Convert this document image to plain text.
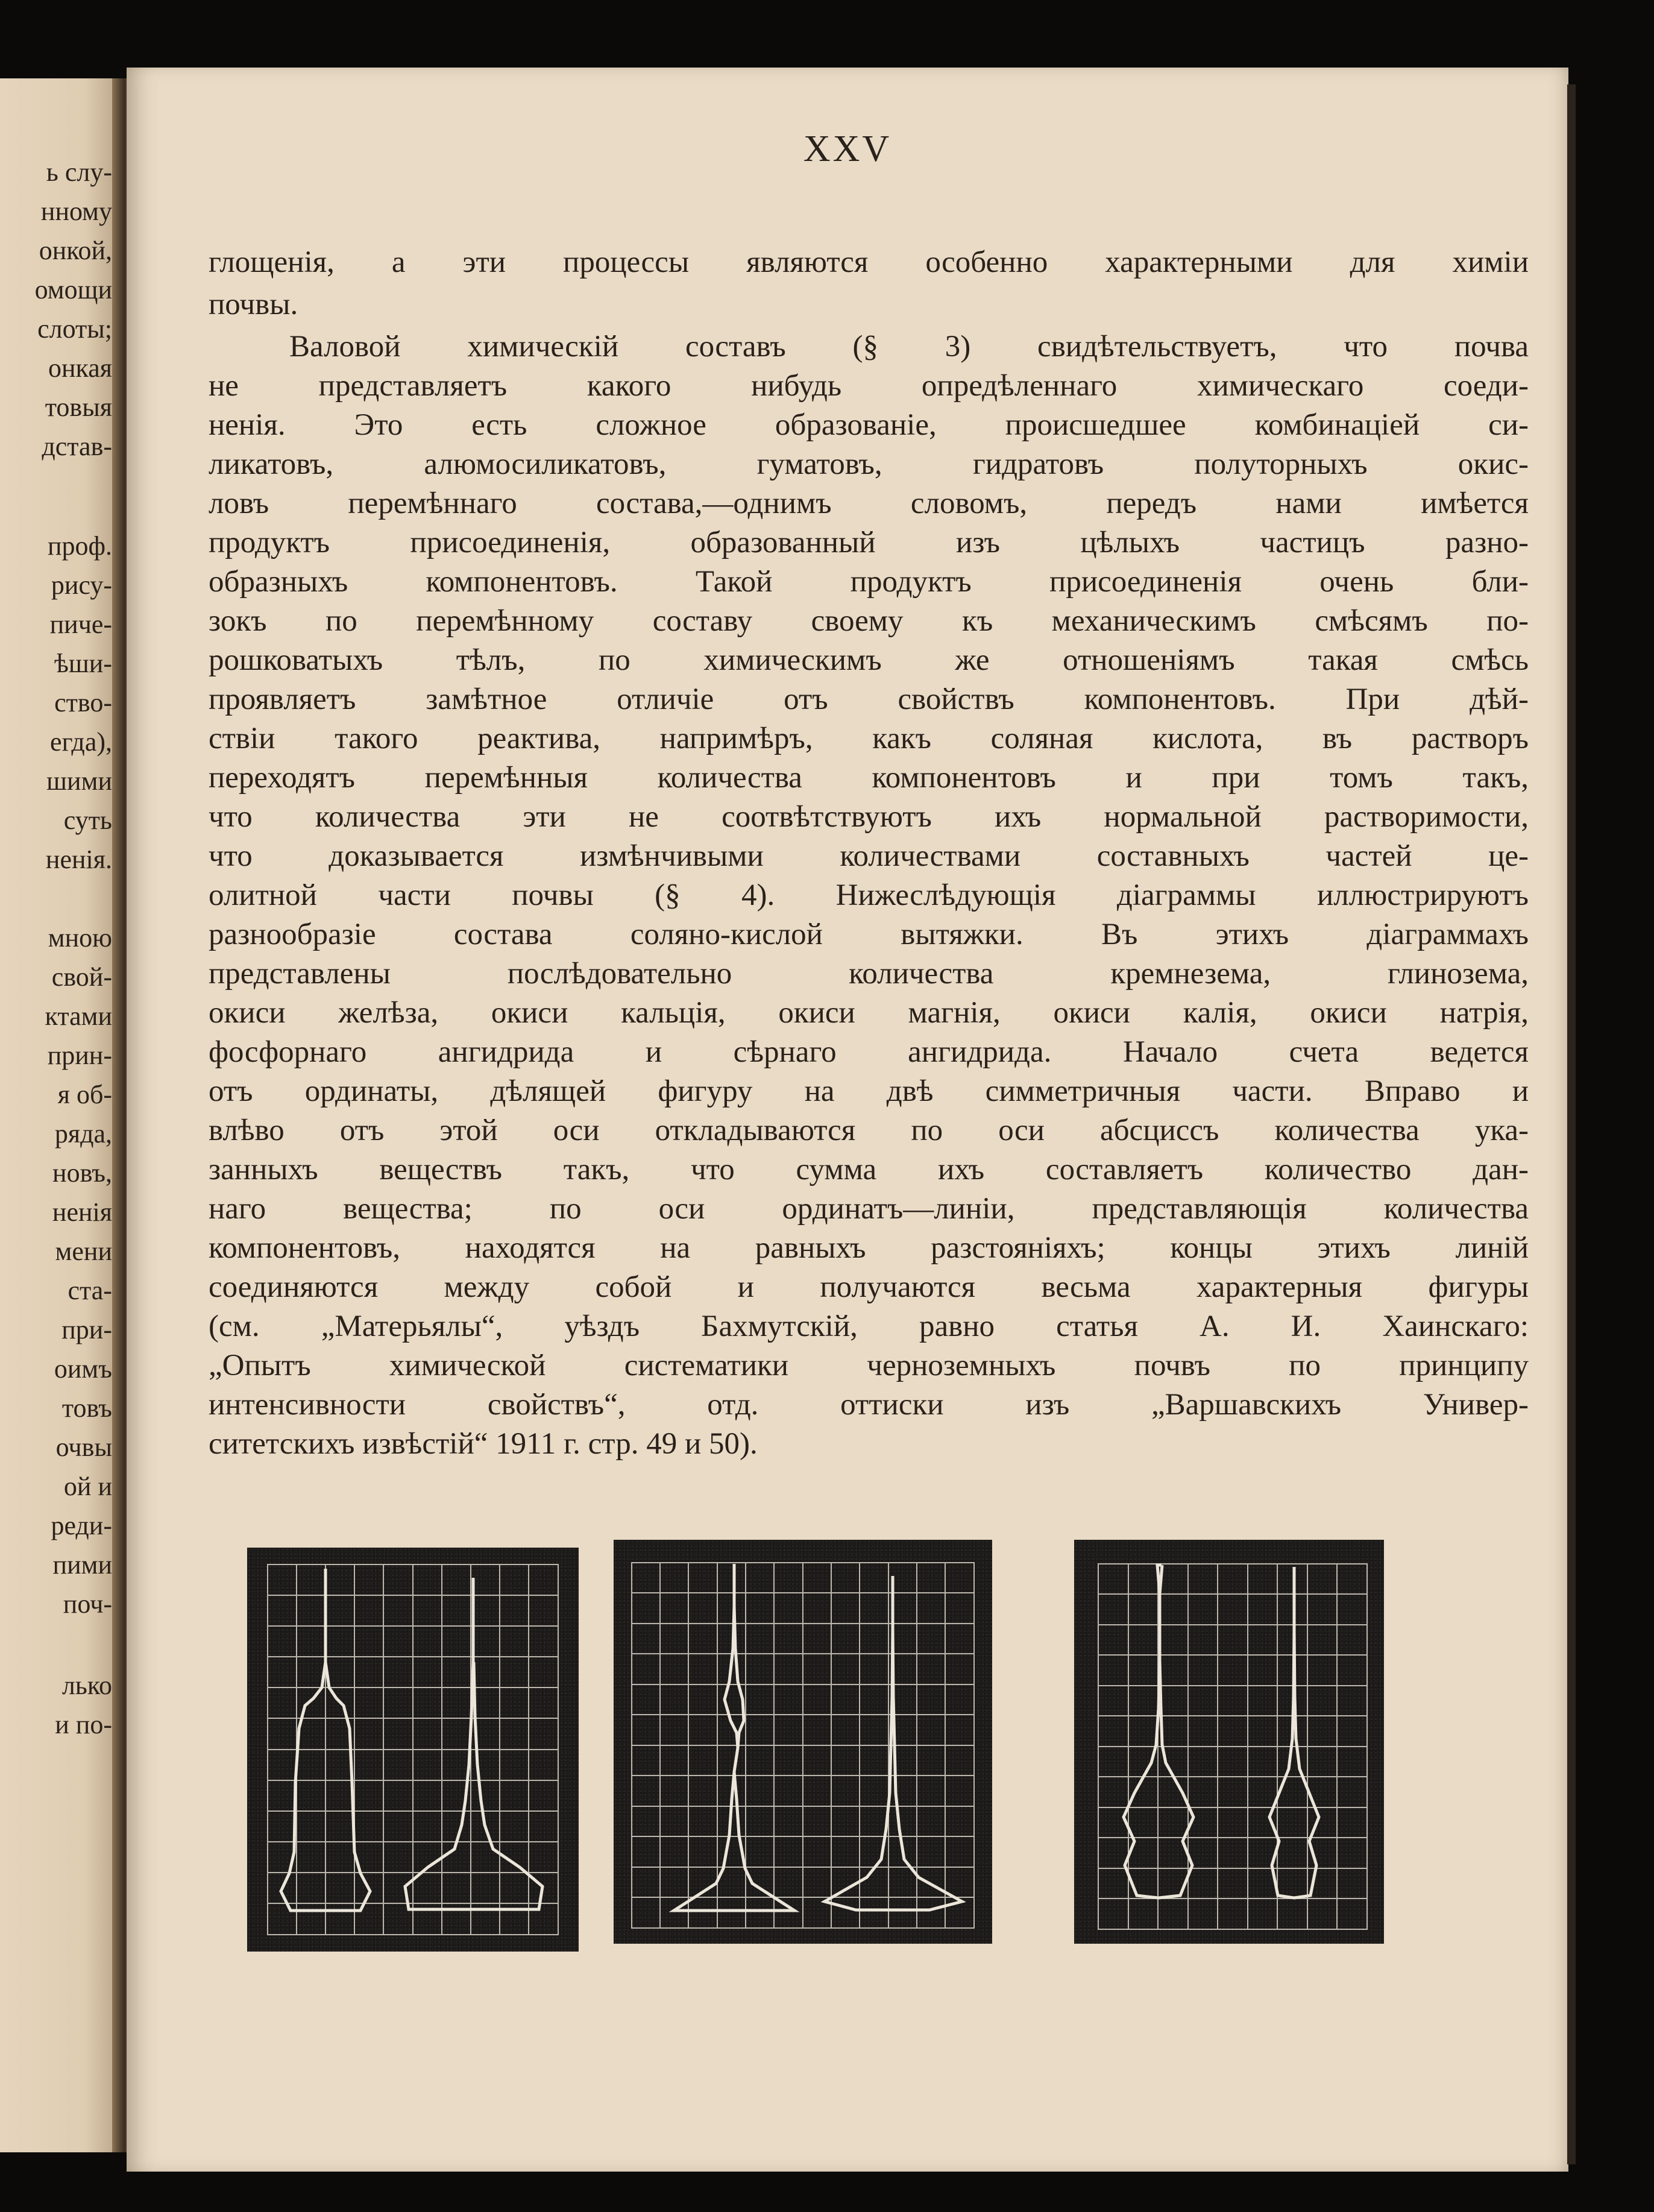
ь слу-
нному
онкой,
омощи
слоты;
онкая
товыя
дстав-
проф.
рису-
пиче-
ѣши-
ство-
егда),
шими
суть
ненія.
мною
свой-
ктами
прин-
я об-
ряда,
новъ,
ненія
мени
ста-
при-
оимъ
товъ
очвы
ой и
реди-
пими
поч-
лько
и по-
XXV
глощенія, а эти процессы являются особенно характерными для химіи
почвы.
Валовой химическій составъ (§ 3) свидѣтельствуетъ, что почва
не представляетъ какого нибудь опредѣленнаго химическаго соеди-
ненія. Это есть сложное образованіе, происшедшее комбинаціей си-
ликатовъ, алюмосиликатовъ, гуматовъ, гидратовъ полуторныхъ окис-
ловъ перемѣннаго состава,—однимъ словомъ, передъ нами имѣется
продуктъ присоединенія, образованный изъ цѣлыхъ частицъ разно-
образныхъ компонентовъ. Такой продуктъ присоединенія очень бли-
зокъ по перемѣнному составу своему къ механическимъ смѣсямъ по-
рошковатыхъ тѣлъ, по химическимъ же отношеніямъ такая смѣсь
проявляетъ замѣтное отличіе отъ свойствъ компонентовъ. При дѣй-
ствіи такого реактива, напримѣръ, какъ соляная кислота, въ растворъ
переходятъ перемѣнныя количества компонентовъ и при томъ такъ,
что количества эти не соотвѣтствуютъ ихъ нормальной растворимости,
что доказывается измѣнчивыми количествами составныхъ частей це-
олитной части почвы (§ 4). Нижеслѣдующія діаграммы иллюстрируютъ
разнообразіе состава соляно-кислой вытяжки. Въ этихъ діаграммахъ
представлены послѣдовательно количества кремнезема, глинозема,
окиси желѣза, окиси кальція, окиси магнія, окиси калія, окиси натрія,
фосфорнаго ангидрида и сѣрнаго ангидрида. Начало счета ведется
отъ ординаты, дѣлящей фигуру на двѣ симметричныя части. Вправо и
влѣво отъ этой оси откладываются по оси абсциссъ количества ука-
занныхъ веществъ такъ, что сумма ихъ составляетъ количество дан-
наго вещества; по оси ординатъ—линіи, представляющія количества
компонентовъ, находятся на равныхъ разстояніяхъ; концы этихъ линій
соединяются между собой и получаются весьма характерныя фигуры
(см. „Матерьялы“, уѣздъ Бахмутскій, равно статья А. И. Хаинскаго:
„Опытъ химической систематики черноземныхъ почвъ по принципу
интенсивности свойствъ“, отд. оттиски изъ „Варшавскихъ Универ-
ситетскихъ извѣстій“ 1911 г. стр. 49 и 50).
